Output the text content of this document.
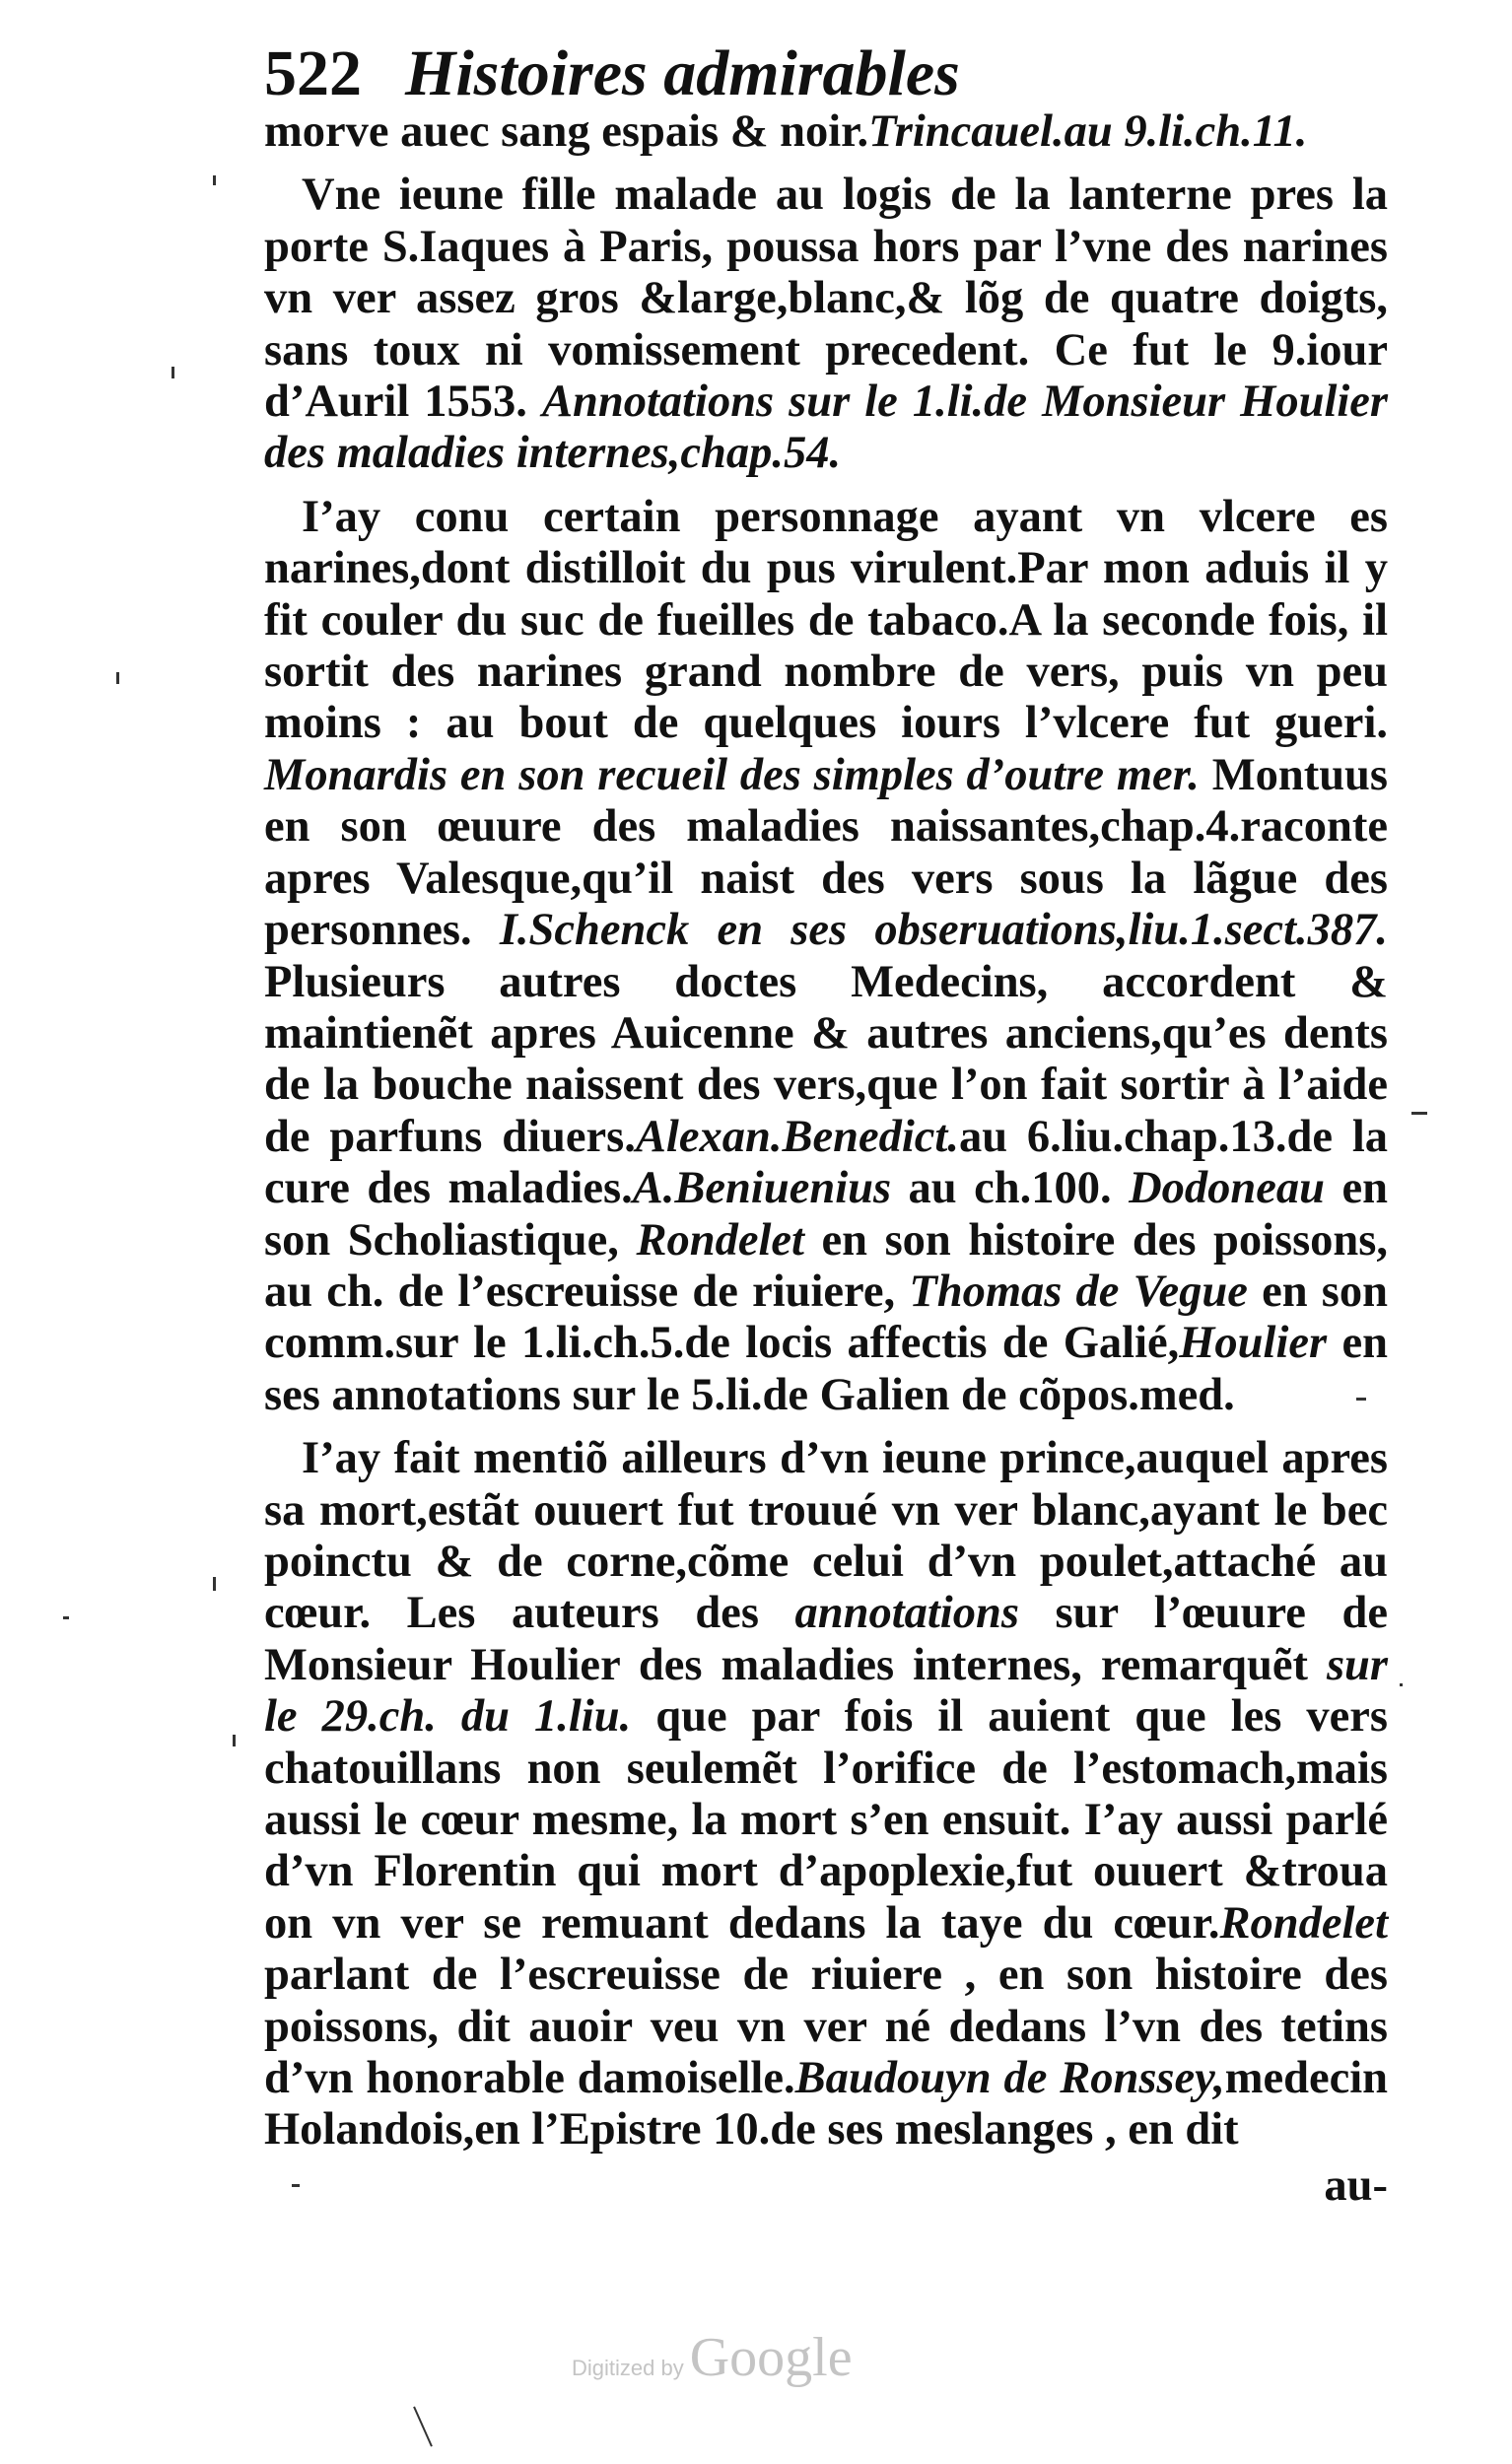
522 Histoires admirables

morve auec sang espais & noir.Trincauel.au 9.li.ch.11.

Vne ieune fille malade au logis de la lanterne pres la porte S.Iaques à Paris, poussa hors par l’vne des narines vn ver assez gros &large,blanc,& lõg de quatre doigts, sans toux ni vomissement precedent. Ce fut le 9.iour d’Auril 1553. Annotations sur le 1.li.de Monsieur Houlier des maladies internes,chap.54.

I’ay conu certain personnage ayant vn vlcere es narines,dont distilloit du pus virulent.Par mon aduis il y fit couler du suc de fueilles de tabaco.A la seconde fois, il sortit des narines grand nombre de vers, puis vn peu moins : au bout de quelques iours l’vlcere fut gueri. Monardis en son recueil des simples d’outre mer. Montuus en son œuure des maladies naissantes,chap.4.raconte apres Valesque,qu’il naist des vers sous la lãgue des personnes. I.Schenck en ses obseruations,liu.1.sect.387. Plusieurs autres doctes Medecins, accordent & maintienẽt apres Auicenne & autres anciens,qu’es dents de la bouche naissent des vers,que l’on fait sortir à l’aide de parfuns diuers.Alexan.Benedict.au 6.liu.chap.13.de la cure des maladies.A.Beniuenius au ch.100. Dodoneau en son Scholiastique, Rondelet en son histoire des poissons, au ch. de l’escreuisse de riuiere, Thomas de Vegue en son comm.sur le 1.li.ch.5.de locis affectis de Galié,Houlier en ses annotations sur le 5.li.de Galien de cõpos.med.

I’ay fait mentiõ ailleurs d’vn ieune prince,auquel apres sa mort,estãt ouuert fut trouué vn ver blanc,ayant le bec poinctu & de corne,cõme celui d’vn poulet,attaché au cœur. Les auteurs des annotations sur l’œuure de Monsieur Houlier des maladies internes, remarquẽt sur le 29.ch. du 1.liu. que par fois il auient que les vers chatouillans non seulemẽt l’orifice de l’estomach,mais aussi le cœur mesme, la mort s’en ensuit. I’ay aussi parlé d’vn Florentin qui mort d’apoplexie,fut ouuert &troua on vn ver se remuant dedans la taye du cœur.Rondelet parlant de l’escreuisse de riuiere , en son histoire des poissons, dit auoir veu vn ver né dedans l’vn des tetins d’vn honorable damoiselle.Baudouyn de Ronssey,medecin Holandois,en l’Epistre 10.de ses meslanges , en dit

au-
Digitized by Google
